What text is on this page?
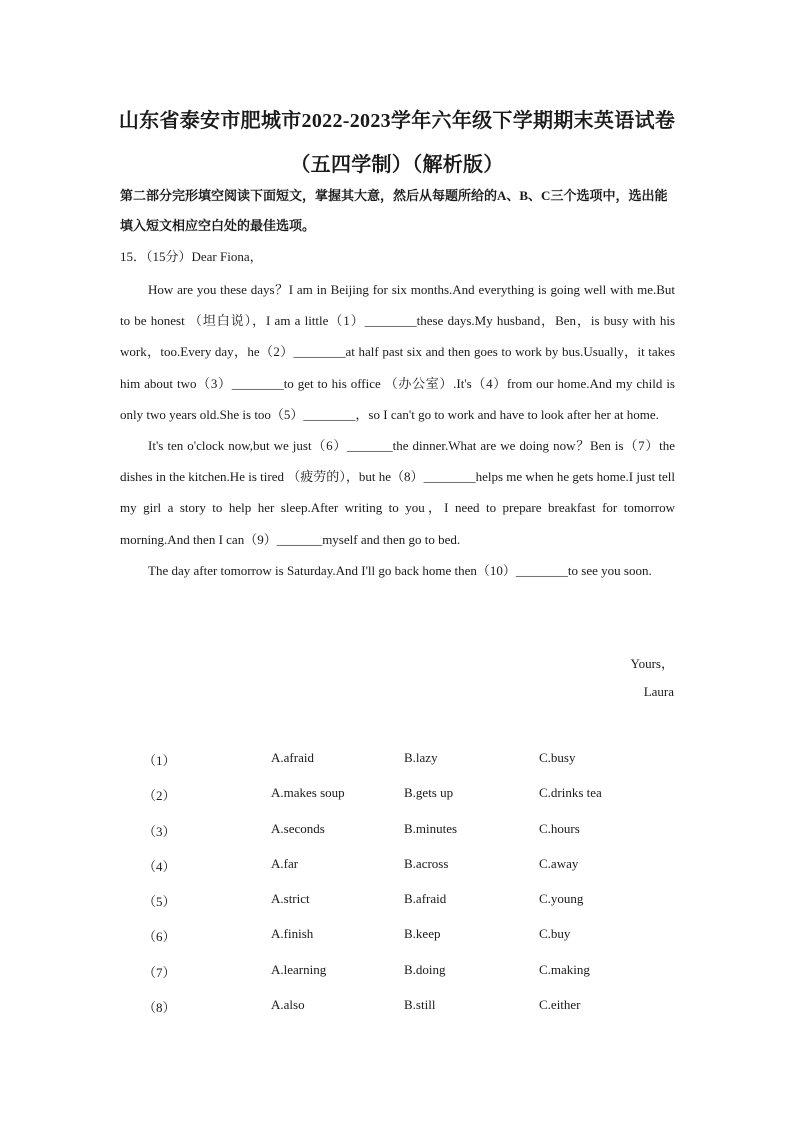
山东省泰安市肥城市2022-2023学年六年级下学期期末英语试卷
（五四学制）（解析版）
第二部分完形填空阅读下面短文，掌握其大意，然后从每题所给的A、B、C三个选项中，选出能填入短文相应空白处的最佳选项。
15．（15分）Dear Fiona，

How are you these days？I am in Beijing for six months.And everything is going well with me.But to be honest （坦白说），I am a little（1）________these days.My husband，Ben，is busy with his work，too.Every day，he（2）________at half past six and then goes to work by bus.Usually，it takes him about two（3）________to get to his office （办公室）.It's（4）from our home.And my child is only two years old.She is too（5）________，so I can't go to work and have to look after her at home.

It's ten o'clock now,but we just（6）_______the dinner.What are we doing now？Ben is（7）the dishes in the kitchen.He is tired （疲劳的），but he（8）________helps me when he gets home.I just tell my girl a story to help her sleep.After writing to you，I need to prepare breakfast for tomorrow morning.And then I can（9）_______myself and then go to bed.

The day after tomorrow is Saturday.And I'll go back home then（10）________to see you soon.

Yours，
Laura
（1）	A.afraid	B.lazy	C.busy
（2）	A.makes soup	B.gets up	C.drinks tea
（3）	A.seconds	B.minutes	C.hours
（4）	A.far	B.across	C.away
（5）	A.strict	B.afraid	C.young
（6）	A.finish	B.keep	C.buy
（7）	A.learning	B.doing	C.making
（8）	A.also	B.still	C.either
